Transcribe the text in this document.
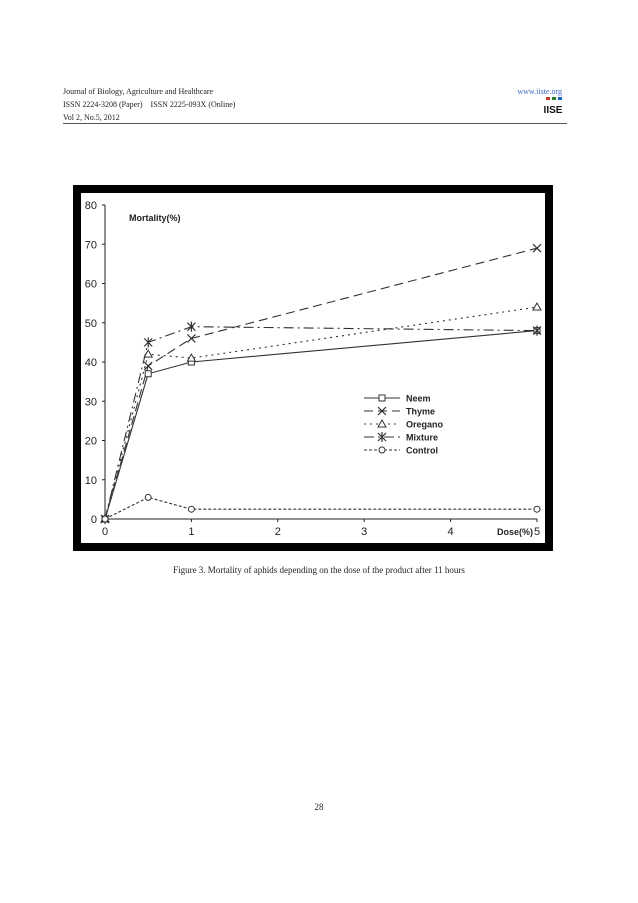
Journal of Biology, Agriculture and Healthcare
ISSN 2224-3208 (Paper)    ISSN 2225-093X (Online)
Vol 2, No.5, 2012
www.iiste.org
IISE
0
10
20
30
40
50
60
70
80
0	1	2	3	4	5
Mortality(%)
Dose(%)
Neem
Thyme
Oregano
Mixture
Control
Figure 3. Mortality of aphids depending on the dose of the product after 11 hours
28
